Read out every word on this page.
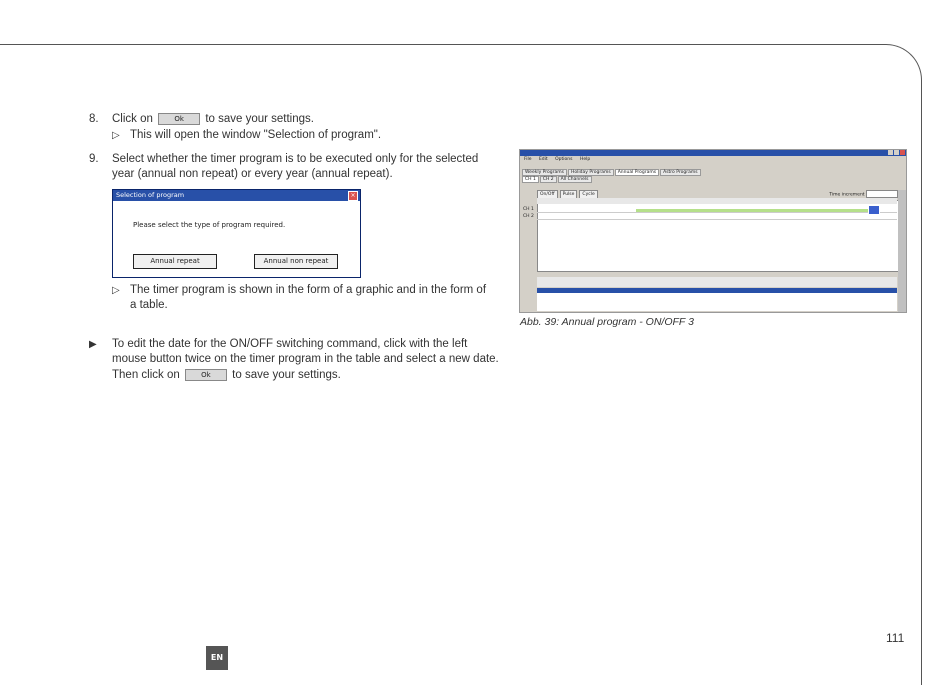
8. Click on	Ok to save your settings.
▷ This will open the window "Selection of program".
9. Select whether the timer program is to be executed only for the selected
year (annual non repeat) or every year (annual repeat).
Selection of program	×
Please select the type of program required.
Annual repeat	Annual non repeat
▷ The timer program is shown in the form of a graphic and in the form of
a table.
▶ To edit the date for the ON/OFF switching command, click with the left
mouse button twice on the timer program in the table and select a new date.
Then click on	Ok to save your settings.
File Edit Options Help
Weekly Programs Holiday Programs Annual Programs Astro Programs
CH 1 CH 2 All Channels
On/Off Pulse Cycle	Time increment
CH 1
CH 2
Abb. 39: Annual program - ON/OFF 3
111
EN
